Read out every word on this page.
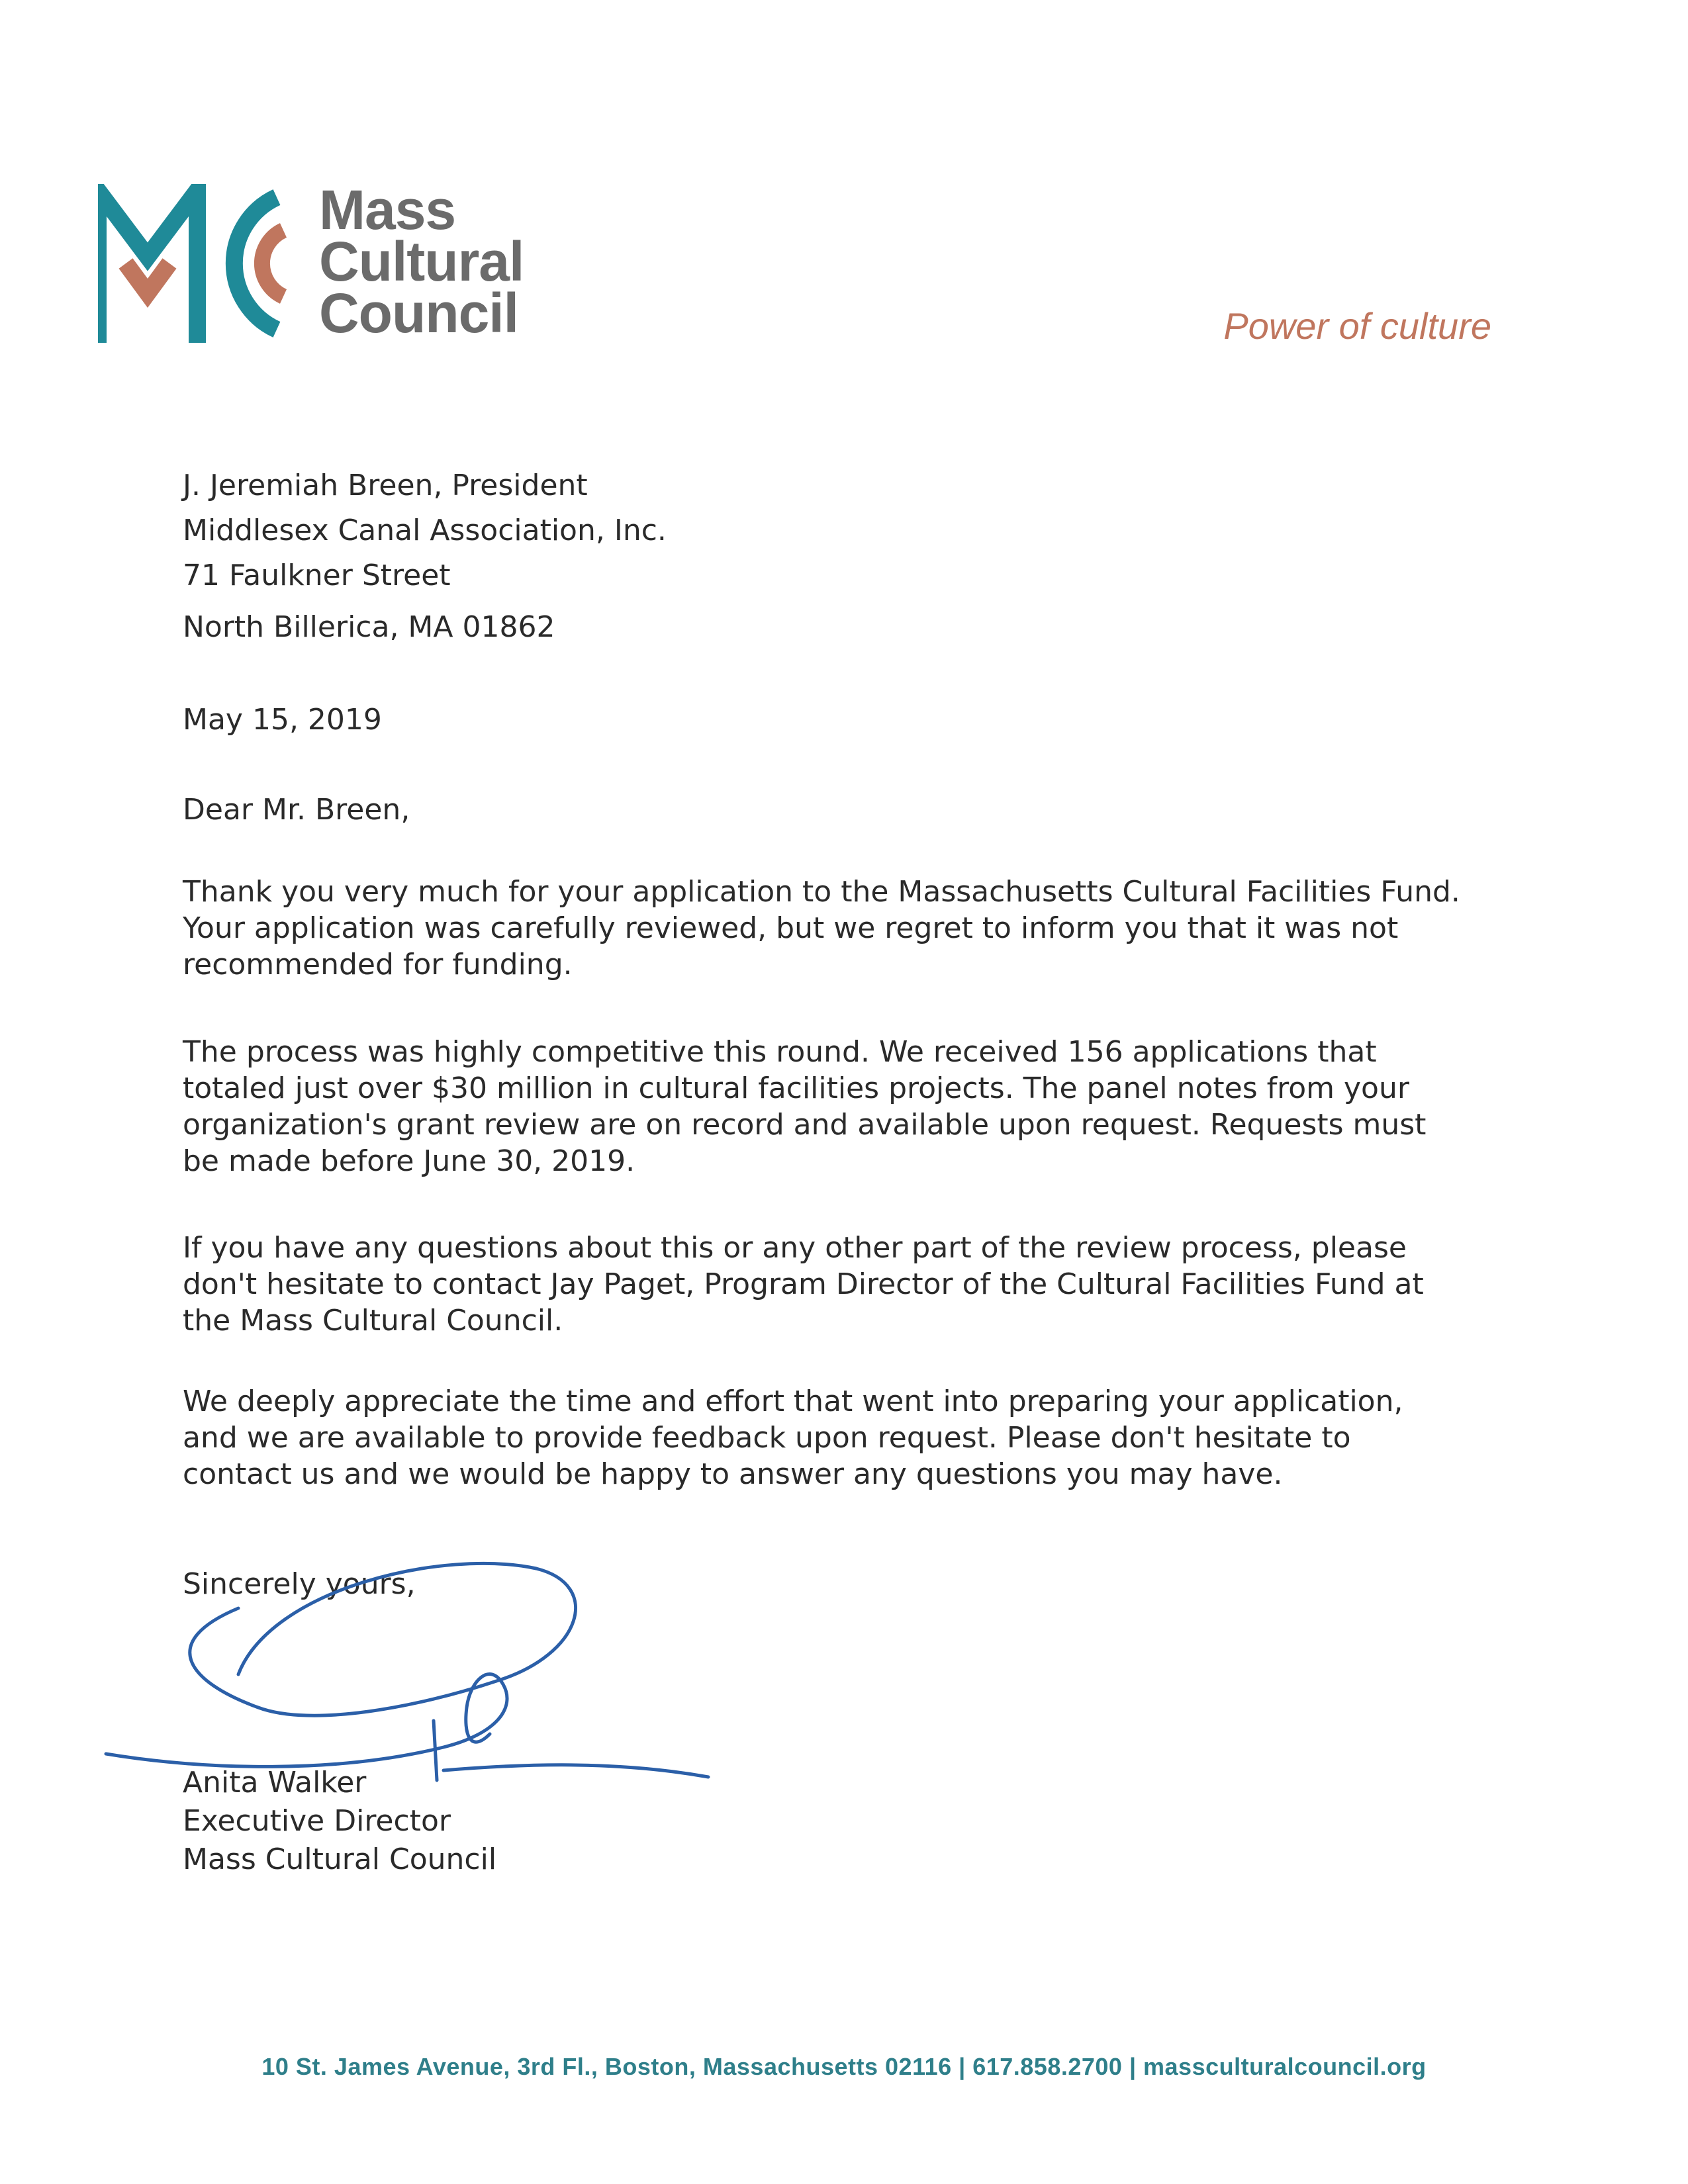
Mass
Cultural
Council	Power of culture
J. Jeremiah Breen, President
Middlesex Canal Association, Inc.
71 Faulkner Street
North Billerica, MA 01862
May 15, 2019
Dear Mr. Breen,
Thank you very much for your application to the Massachusetts Cultural Facilities Fund.
Your application was carefully reviewed, but we regret to inform you that it was not
recommended for funding.
The process was highly competitive this round. We received 156 applications that
totaled just over $30 million in cultural facilities projects. The panel notes from your
organization's grant review are on record and available upon request. Requests must
be made before June 30, 2019.
If you have any questions about this or any other part of the review process, please
don't hesitate to contact Jay Paget, Program Director of the Cultural Facilities Fund at
the Mass Cultural Council.
We deeply appreciate the time and effort that went into preparing your application,
and we are available to provide feedback upon request. Please don't hesitate to
contact us and we would be happy to answer any questions you may have.
Sincerely yours,
Anita Walker
Executive Director
Mass Cultural Council
10 St. James Avenue, 3rd Fl., Boston, Massachusetts 02116 | 617.858.2700 | massculturalcouncil.org
